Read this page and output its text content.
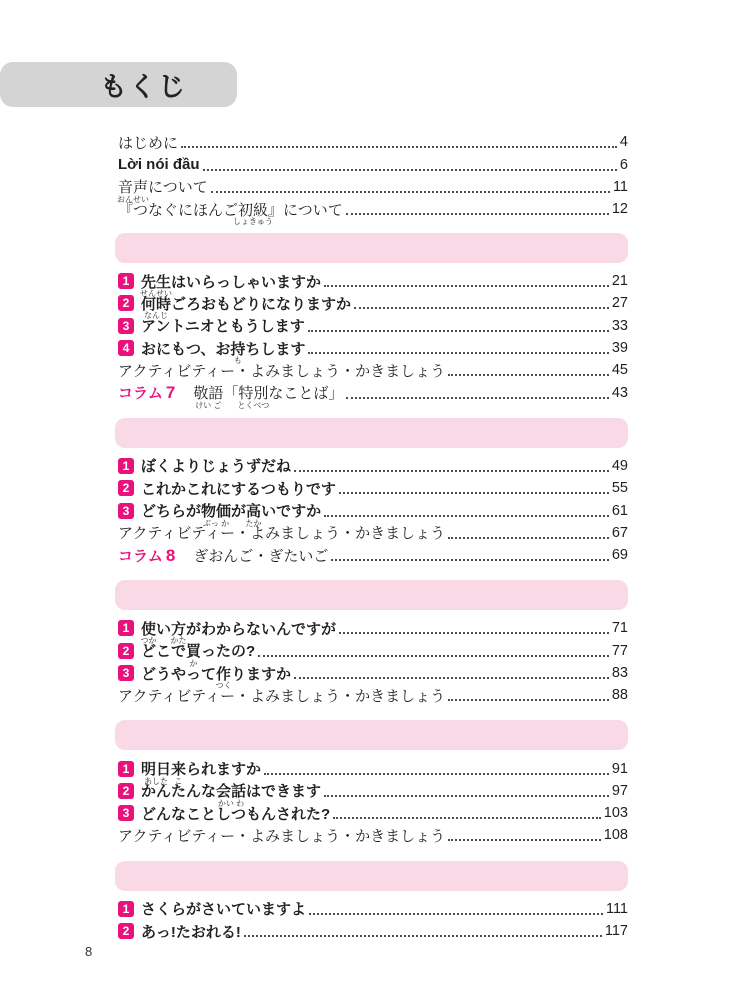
もくじ
はじめに	4
Lời nói đầu	6
音声
おんせい
について	11
『つなぐにほんご初級
しょきゅう
』について	12
1 先生
せんせい
はいらっしゃいますか	21
2 何時
なんじ
ごろおもどりになりますか	27
3 アントニオともうします	33
4 おにもつ、お持
も
ちします	39
アクティビティー・よみましょう・かきましょう	45
コラム 7 敬語
けい ご
「特別
とくべつ
なことば」	43
1 ぼくよりじょうずだね	49
2 これかこれにするつもりです	55
3 どちらが物価
ぶっ か
が高
たか
いですか	61
アクティビティー・よみましょう・かきましょう	67
コラム 8 ぎおんご・ぎたいご	69
1 使
つか
い方
かた
がわからないんですが	71
2 どこで買
か
ったの?	77
3 どうやって作
つく
りますか	83
アクティビティー・よみましょう・かきましょう	88
1 明日
あした
来
こ
られますか	91
2 かんたんな会話
かい わ
はできます	97
3 どんなことしつもんされた?	103
アクティビティー・よみましょう・かきましょう	108
1 さくらがさいていますよ	111
2 あっ!たおれる!	117
8
